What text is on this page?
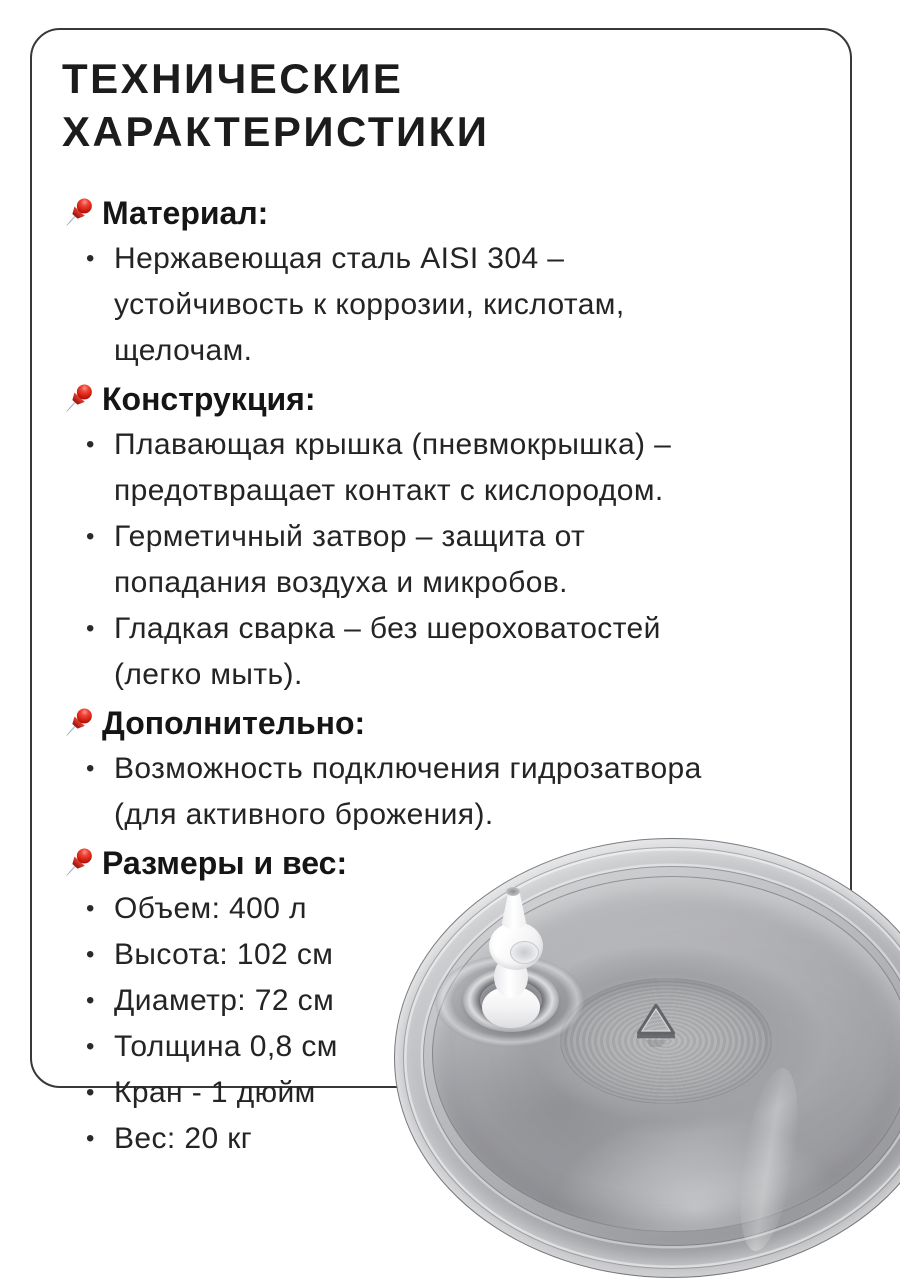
ТЕХНИЧЕСКИЕ
ХАРАКТЕРИСТИКИ
Материал:
• Нержавеющая сталь AISI 304 – устойчивость к коррозии, кислотам, щелочам.
Конструкция:
• Плавающая крышка (пневмокрышка) – предотвращает контакт с кислородом.
• Герметичный затвор – защита от попадания воздуха и микробов.
• Гладкая сварка – без шероховатостей (легко мыть).
Дополнительно:
• Возможность подключения гидрозатвора (для активного брожения).
Размеры и вес:
• Объем: 400 л
• Высота: 102 см
• Диаметр: 72 см
• Толщина 0,8 см
• Кран - 1 дюйм
• Вес: 20 кг
